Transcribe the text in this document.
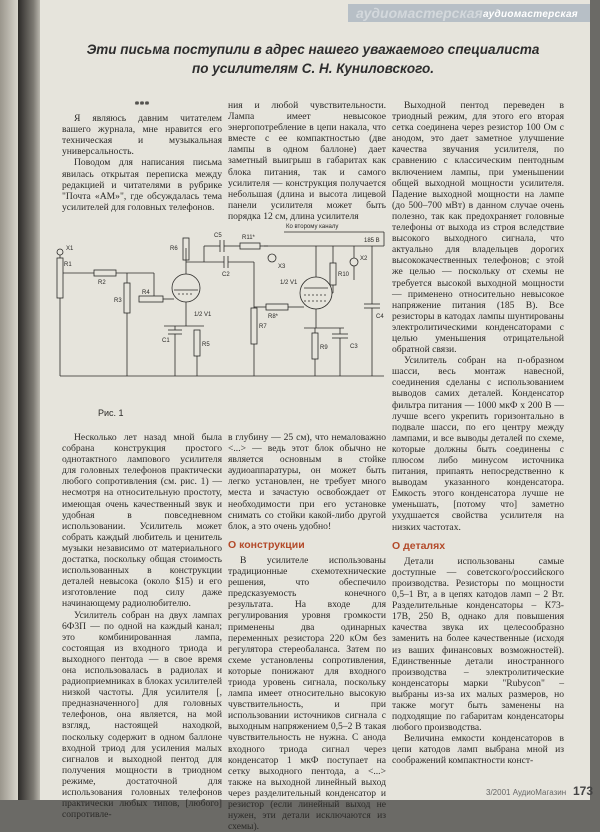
аудиомастерская аудиомастерская
Эти письма поступили в адрес нашего уважаемого специалиста по усилителям С. Н. Куниловского.
***

Я являюсь давним читателем вашего журнала, мне нравится его техническая и музыкальная универсальность.

Поводом для написания письма явилась открытая переписка между редакцией и читателями в рубрике "Почта «АМ»", где обсуждалась тема усилителей для головных телефонов.

ния и любой чувствительности. Лампа имеет невысокое энергопотребление в цепи накала, что вместе с ее компактностью (две лампы в одном баллоне) дает заметный выигрыш в габаритах как блока питания, так и самого усилителя — конструкция получается небольшая (длина и высота лицевой панели усилителя может быть порядка 12 см, длина усилителя

Выходной пентод переведен в триодный режим, для этого его вторая сетка соединена через резистор 100 Ом с анодом, это дает заметное улучшение качества звучания усилителя, по сравнению с классическим пентодным включением лампы, при уменьшении общей выходной мощности усилителя. Падение выходной мощности на лампе (до 500–700 мВт) в данном случае очень полезно, так как предохраняет головные телефоны от выхода из строя вследствие высокого выходного сигнала, что актуально для владельцев дорогих высококачественных телефонов; с этой же целью — поскольку от схемы не требуется высокой выходной мощности — применено относительно невысокое напряжение питания (185 В). Все резисторы в катодах лампы шунтированы электролитическими конденсаторами с целью уменьшения отрицательной обратной связи.

Усилитель собран на п-образном шасси, весь монтаж навесной, соединения сделаны с использованием выводов самих деталей. Конденсатор фильтра питания — 1000 мкФ x 200 В — лучше всего укрепить горизонтально в подвале шасси, по его центру между лампами, и все выводы деталей по схеме, которые должны быть соединены с плюсом либо минусом источника питания, припаять непосредственно к выводам указанного конденсатора. Емкость этого конденсатора лучше не уменьшать, [потому что] заметно ухудшается свойства усилителя на низких частотах.

О деталях

Детали использованы самые доступные — советского/российского производства. Резисторы по мощности 0,5–1 Вт, а в цепях катодов ламп – 2 Вт. Разделительные конденсаторы – К73-17В, 250 В, однако для повышения качества звука их целесообразно заменить на более качественные (исходя из ваших финансовых возможностей). Единственные детали иностранного производства – электролитические конденсаторы марки "Rubycon" – выбраны из-за их малых размеров, но также могут быть заменены на подходящие по габаритам конденсаторы любого производства.

Величина емкости конденсаторов в цепи катодов ламп выбрана мной из соображений компактности конст-

Ко второму каналу
185 В
R1
R2
R3
R4
R5
R6
R7
R8*
R9
R10
R11*
C1
C2
C3
C4
C5
X1
X2
X3
1/2 V1
1/2 V1
Рис. 1

Несколько лет назад мной была собрана конструкция простого однотактного лампового усилителя для головных телефонов практически любого сопротивления (см. рис. 1) — несмотря на относительную простоту, имеющая очень качественный звук и удобная в повседневном использовании. Усилитель может собрать каждый любитель и ценитель музыки независимо от материального достатка, поскольку общая стоимость использованных в конструкции деталей невысока (около $15) и его изготовление под силу даже начинающему радиолюбителю.

Усилитель собран на двух лампах 6Ф3П — по одной на каждый канал; это комбинированная лампа, состоящая из входного триода и выходного пентода — в свое время она использовалась в радиолах и радиоприемниках в блоках усилителей низкой частоты. Для усилителя [, предназначенного] для головных телефонов, она является, на мой взгляд, настоящей находкой, поскольку содержит в одном баллоне входной триод для усиления малых сигналов и выходной пентод для получения мощности в триодном режиме, достаточной для использования головных телефонов практически любых типов, [любого] сопротивле-

в глубину — 25 см), что немаловажно <...> — ведь этот блок обычно не является основным в стойке аудиоаппаратуры, он может быть легко установлен, не требует много места и зачастую освобождает от необходимости при его установке снимать со стойки какой-либо другой блок, а это очень удобно!

О конструкции

В усилителе использованы традиционные схемотехнические решения, что обеспечило предсказуемость конечного результата. На входе для регулирования уровня громкости применены два одинарных переменных резистора 220 кОм без регулятора стереобаланса. Затем по схеме установлены сопротивления, которые понижают для входного триода уровень сигнала, поскольку лампа имеет относительно высокую чувствительность, и при использовании источников сигнала с выходным напряжением 0,5–2 В такая чувствительность не нужна. С анода входного триода сигнал через конденсатор 1 мкФ поступает на сетку выходного пентода, а <...> также на выходной линейный выход через разделительный конденсатор и резистор (если линейный выход не нужен, эти детали исключаются из схемы).

3/2001 АудиоМагазин 173
